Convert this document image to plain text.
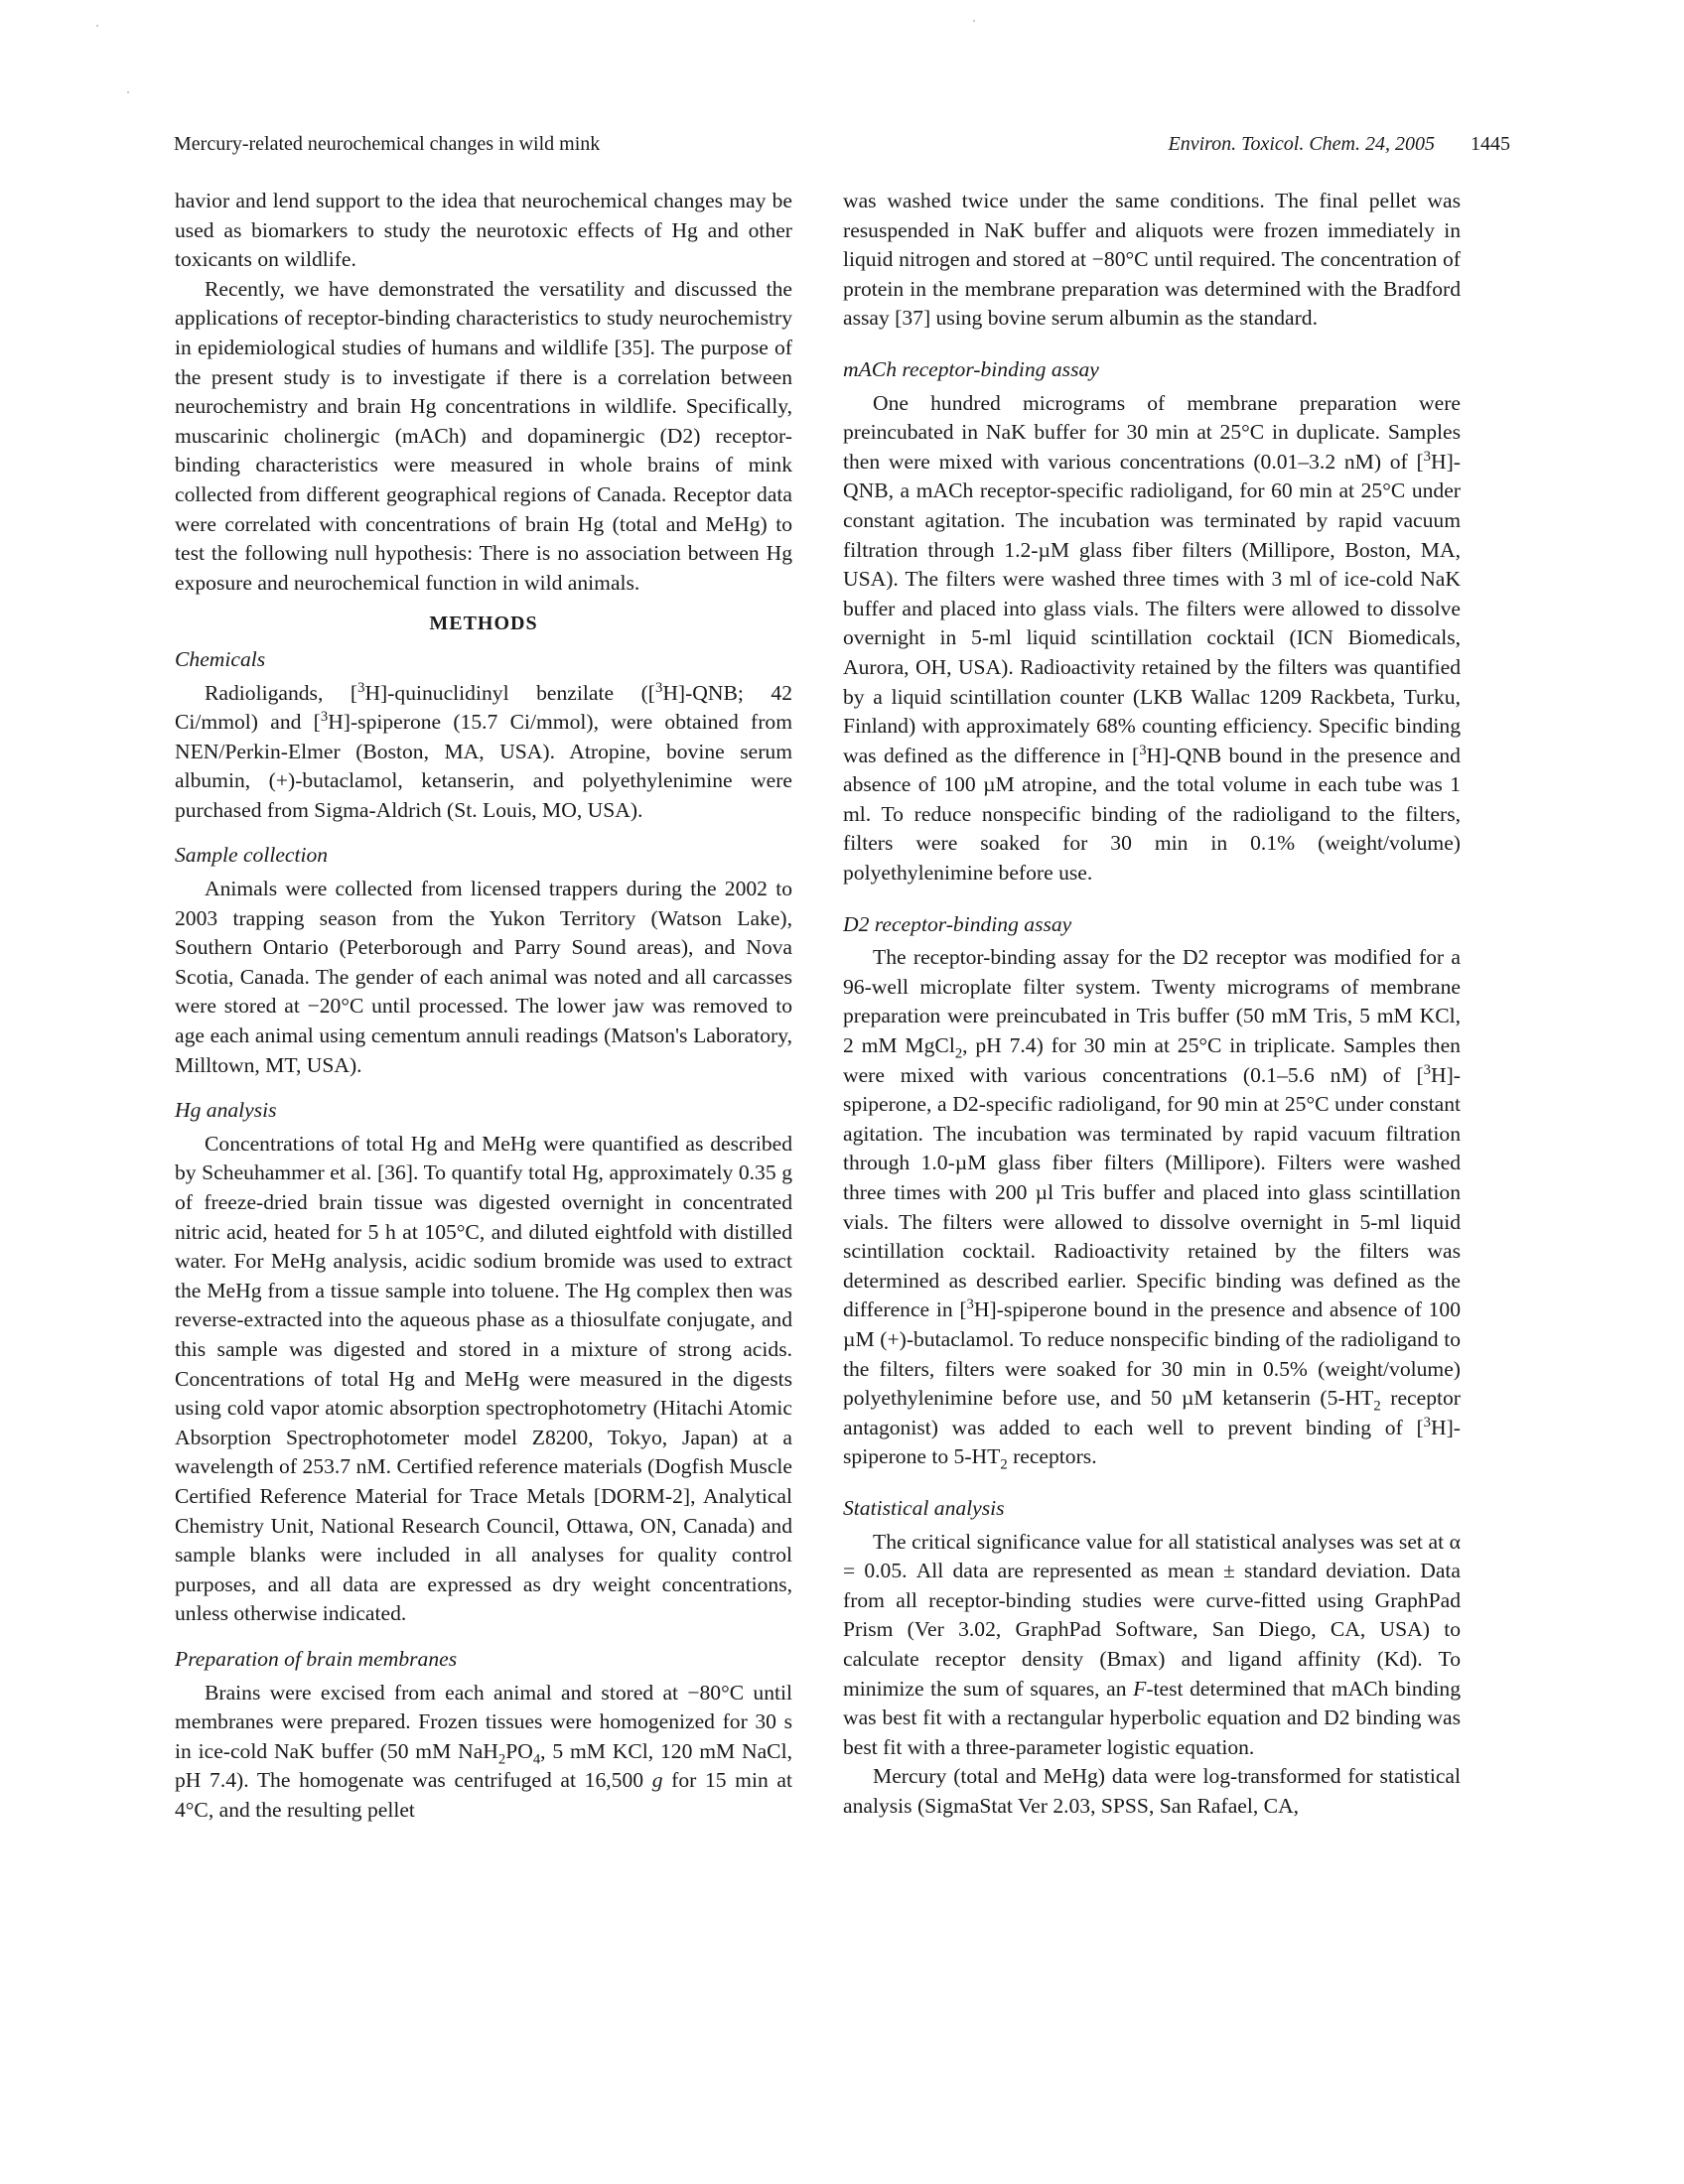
Mercury-related neurochemical changes in wild mink	Environ. Toxicol. Chem. 24, 2005 1445

havior and lend support to the idea that neurochemical changes may be used as biomarkers to study the neurotoxic effects of Hg and other toxicants on wildlife.

Recently, we have demonstrated the versatility and discussed the applications of receptor-binding characteristics to study neurochemistry in epidemiological studies of humans and wildlife [35]. The purpose of the present study is to investigate if there is a correlation between neurochemistry and brain Hg concentrations in wildlife. Specifically, muscarinic cholinergic (mACh) and dopaminergic (D2) receptor-binding characteristics were measured in whole brains of mink collected from different geographical regions of Canada. Receptor data were correlated with concentrations of brain Hg (total and MeHg) to test the following null hypothesis: There is no association between Hg exposure and neurochemical function in wild animals.

METHODS
Chemicals

Radioligands, [$^3$H]-quinuclidinyl benzilate ([$^3$H]-QNB; 42 Ci/mmol) and [$^3$H]-spiperone (15.7 Ci/mmol), were obtained from NEN/Perkin-Elmer (Boston, MA, USA). Atropine, bovine serum albumin, (+)-butaclamol, ketanserin, and polyethylenimine were purchased from Sigma-Aldrich (St. Louis, MO, USA).

Sample collection

Animals were collected from licensed trappers during the 2002 to 2003 trapping season from the Yukon Territory (Watson Lake), Southern Ontario (Peterborough and Parry Sound areas), and Nova Scotia, Canada. The gender of each animal was noted and all carcasses were stored at −20°C until processed. The lower jaw was removed to age each animal using cementum annuli readings (Matson's Laboratory, Milltown, MT, USA).

Hg analysis

Concentrations of total Hg and MeHg were quantified as described by Scheuhammer et al. [36]. To quantify total Hg, approximately 0.35 g of freeze-dried brain tissue was digested overnight in concentrated nitric acid, heated for 5 h at 105°C, and diluted eightfold with distilled water. For MeHg analysis, acidic sodium bromide was used to extract the MeHg from a tissue sample into toluene. The Hg complex then was reverse-extracted into the aqueous phase as a thiosulfate conjugate, and this sample was digested and stored in a mixture of strong acids. Concentrations of total Hg and MeHg were measured in the digests using cold vapor atomic absorption spectrophotometry (Hitachi Atomic Absorption Spectrophotometer model Z8200, Tokyo, Japan) at a wavelength of 253.7 nM. Certified reference materials (Dogfish Muscle Certified Reference Material for Trace Metals [DORM-2], Analytical Chemistry Unit, National Research Council, Ottawa, ON, Canada) and sample blanks were included in all analyses for quality control purposes, and all data are expressed as dry weight concentrations, unless otherwise indicated.

Preparation of brain membranes

Brains were excised from each animal and stored at −80°C until membranes were prepared. Frozen tissues were homogenized for 30 s in ice-cold NaK buffer (50 mM $NaH_2PO_4$, 5 mM KCl, 120 mM NaCl, pH 7.4). The homogenate was centrifuged at 16,500 g for 15 min at 4°C, and the resulting pellet

was washed twice under the same conditions. The final pellet was resuspended in NaK buffer and aliquots were frozen immediately in liquid nitrogen and stored at −80°C until required. The concentration of protein in the membrane preparation was determined with the Bradford assay [37] using bovine serum albumin as the standard.

mACh receptor-binding assay

One hundred micrograms of membrane preparation were preincubated in NaK buffer for 30 min at 25°C in duplicate. Samples then were mixed with various concentrations (0.01–3.2 nM) of [$^3$H]-QNB, a mACh receptor-specific radioligand, for 60 min at 25°C under constant agitation. The incubation was terminated by rapid vacuum filtration through 1.2-µM glass fiber filters (Millipore, Boston, MA, USA). The filters were washed three times with 3 ml of ice-cold NaK buffer and placed into glass vials. The filters were allowed to dissolve overnight in 5-ml liquid scintillation cocktail (ICN Biomedicals, Aurora, OH, USA). Radioactivity retained by the filters was quantified by a liquid scintillation counter (LKB Wallac 1209 Rackbeta, Turku, Finland) with approximately 68% counting efficiency. Specific binding was defined as the difference in [$^3$H]-QNB bound in the presence and absence of 100 µM atropine, and the total volume in each tube was 1 ml. To reduce nonspecific binding of the radioligand to the filters, filters were soaked for 30 min in 0.1% (weight/volume) polyethylenimine before use.

D2 receptor-binding assay

The receptor-binding assay for the D2 receptor was modified for a 96-well microplate filter system. Twenty micrograms of membrane preparation were preincubated in Tris buffer (50 mM Tris, 5 mM KCl, 2 mM MgCl$_2$, pH 7.4) for 30 min at 25°C in triplicate. Samples then were mixed with various concentrations (0.1–5.6 nM) of [$^3$H]-spiperone, a D2-specific radioligand, for 90 min at 25°C under constant agitation. The incubation was terminated by rapid vacuum filtration through 1.0-µM glass fiber filters (Millipore). Filters were washed three times with 200 µl Tris buffer and placed into glass scintillation vials. The filters were allowed to dissolve overnight in 5-ml liquid scintillation cocktail. Radioactivity retained by the filters was determined as described earlier. Specific binding was defined as the difference in [$^3$H]-spiperone bound in the presence and absence of 100 µM (+)-butaclamol. To reduce nonspecific binding of the radioligand to the filters, filters were soaked for 30 min in 0.5% (weight/volume) polyethylenimine before use, and 50 µM ketanserin ($5-HT_2$ receptor antagonist) was added to each well to prevent binding of [$^3$H]-spiperone to $5-HT_2$ receptors.

Statistical analysis

The critical significance value for all statistical analyses was set at α = 0.05. All data are represented as mean ± standard deviation. Data from all receptor-binding studies were curve-fitted using GraphPad Prism (Ver 3.02, GraphPad Software, San Diego, CA, USA) to calculate receptor density (Bmax) and ligand affinity (Kd). To minimize the sum of squares, an F-test determined that mACh binding was best fit with a rectangular hyperbolic equation and D2 binding was best fit with a three-parameter logistic equation.

Mercury (total and MeHg) data were log-transformed for statistical analysis (SigmaStat Ver 2.03, SPSS, San Rafael, CA,
